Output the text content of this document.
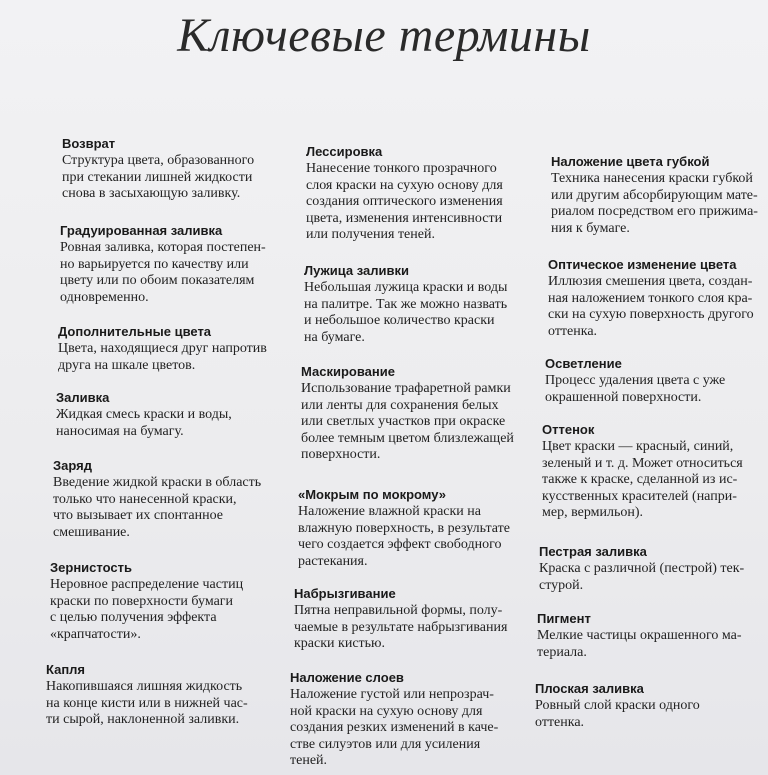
Ключевые термины
Возврат
Структура цвета, образованного
при стекании лишней жидкости
снова в засыхающую заливку.
Градуированная заливка
Ровная заливка, которая постепен-
но варьируется по качеству или
цвету или по обоим показателям
одновременно.
Дополнительные цвета
Цвета, находящиеся друг напротив
друга на шкале цветов.
Заливка
Жидкая смесь краски и воды,
наносимая на бумагу.
Заряд
Введение жидкой краски в область
только что нанесенной краски,
что вызывает их спонтанное
смешивание.
Зернистость
Неровное распределение частиц
краски по поверхности бумаги
с целью получения эффекта
«крапчатости».
Капля
Накопившаяся лишняя жидкость
на конце кисти или в нижней час-
ти сырой, наклоненной заливки.
Лессировка
Нанесение тонкого прозрачного
слоя краски на сухую основу для
создания оптического изменения
цвета, изменения интенсивности
или получения теней.
Лужица заливки
Небольшая лужица краски и воды
на палитре. Так же можно назвать
и небольшое количество краски
на бумаге.
Маскирование
Использование трафаретной рамки
или ленты для сохранения белых
или светлых участков при окраске
более темным цветом близлежащей
поверхности.
«Мокрым по мокрому»
Наложение влажной краски на
влажную поверхность, в результате
чего создается эффект свободного
растекания.
Набрызгивание
Пятна неправильной формы, полу-
чаемые в результате набрызгивания
краски кистью.
Наложение слоев
Наложение густой или непрозрач-
ной краски на сухую основу для
создания резких изменений в каче-
стве силуэтов или для усиления
теней.
Наложение цвета губкой
Техника нанесения краски губкой
или другим абсорбирующим мате-
риалом посредством его прижима-
ния к бумаге.
Оптическое изменение цвета
Иллюзия смешения цвета, создан-
ная наложением тонкого слоя кра-
ски на сухую поверхность другого
оттенка.
Осветление
Процесс удаления цвета с уже
окрашенной поверхности.
Оттенок
Цвет краски — красный, синий,
зеленый и т. д. Может относиться
также к краске, сделанной из ис-
кусственных красителей (напри-
мер, вермильон).
Пестрая заливка
Краска с различной (пестрой) тек-
стурой.
Пигмент
Мелкие частицы окрашенного ма-
териала.
Плоская заливка
Ровный слой краски одного
оттенка.
